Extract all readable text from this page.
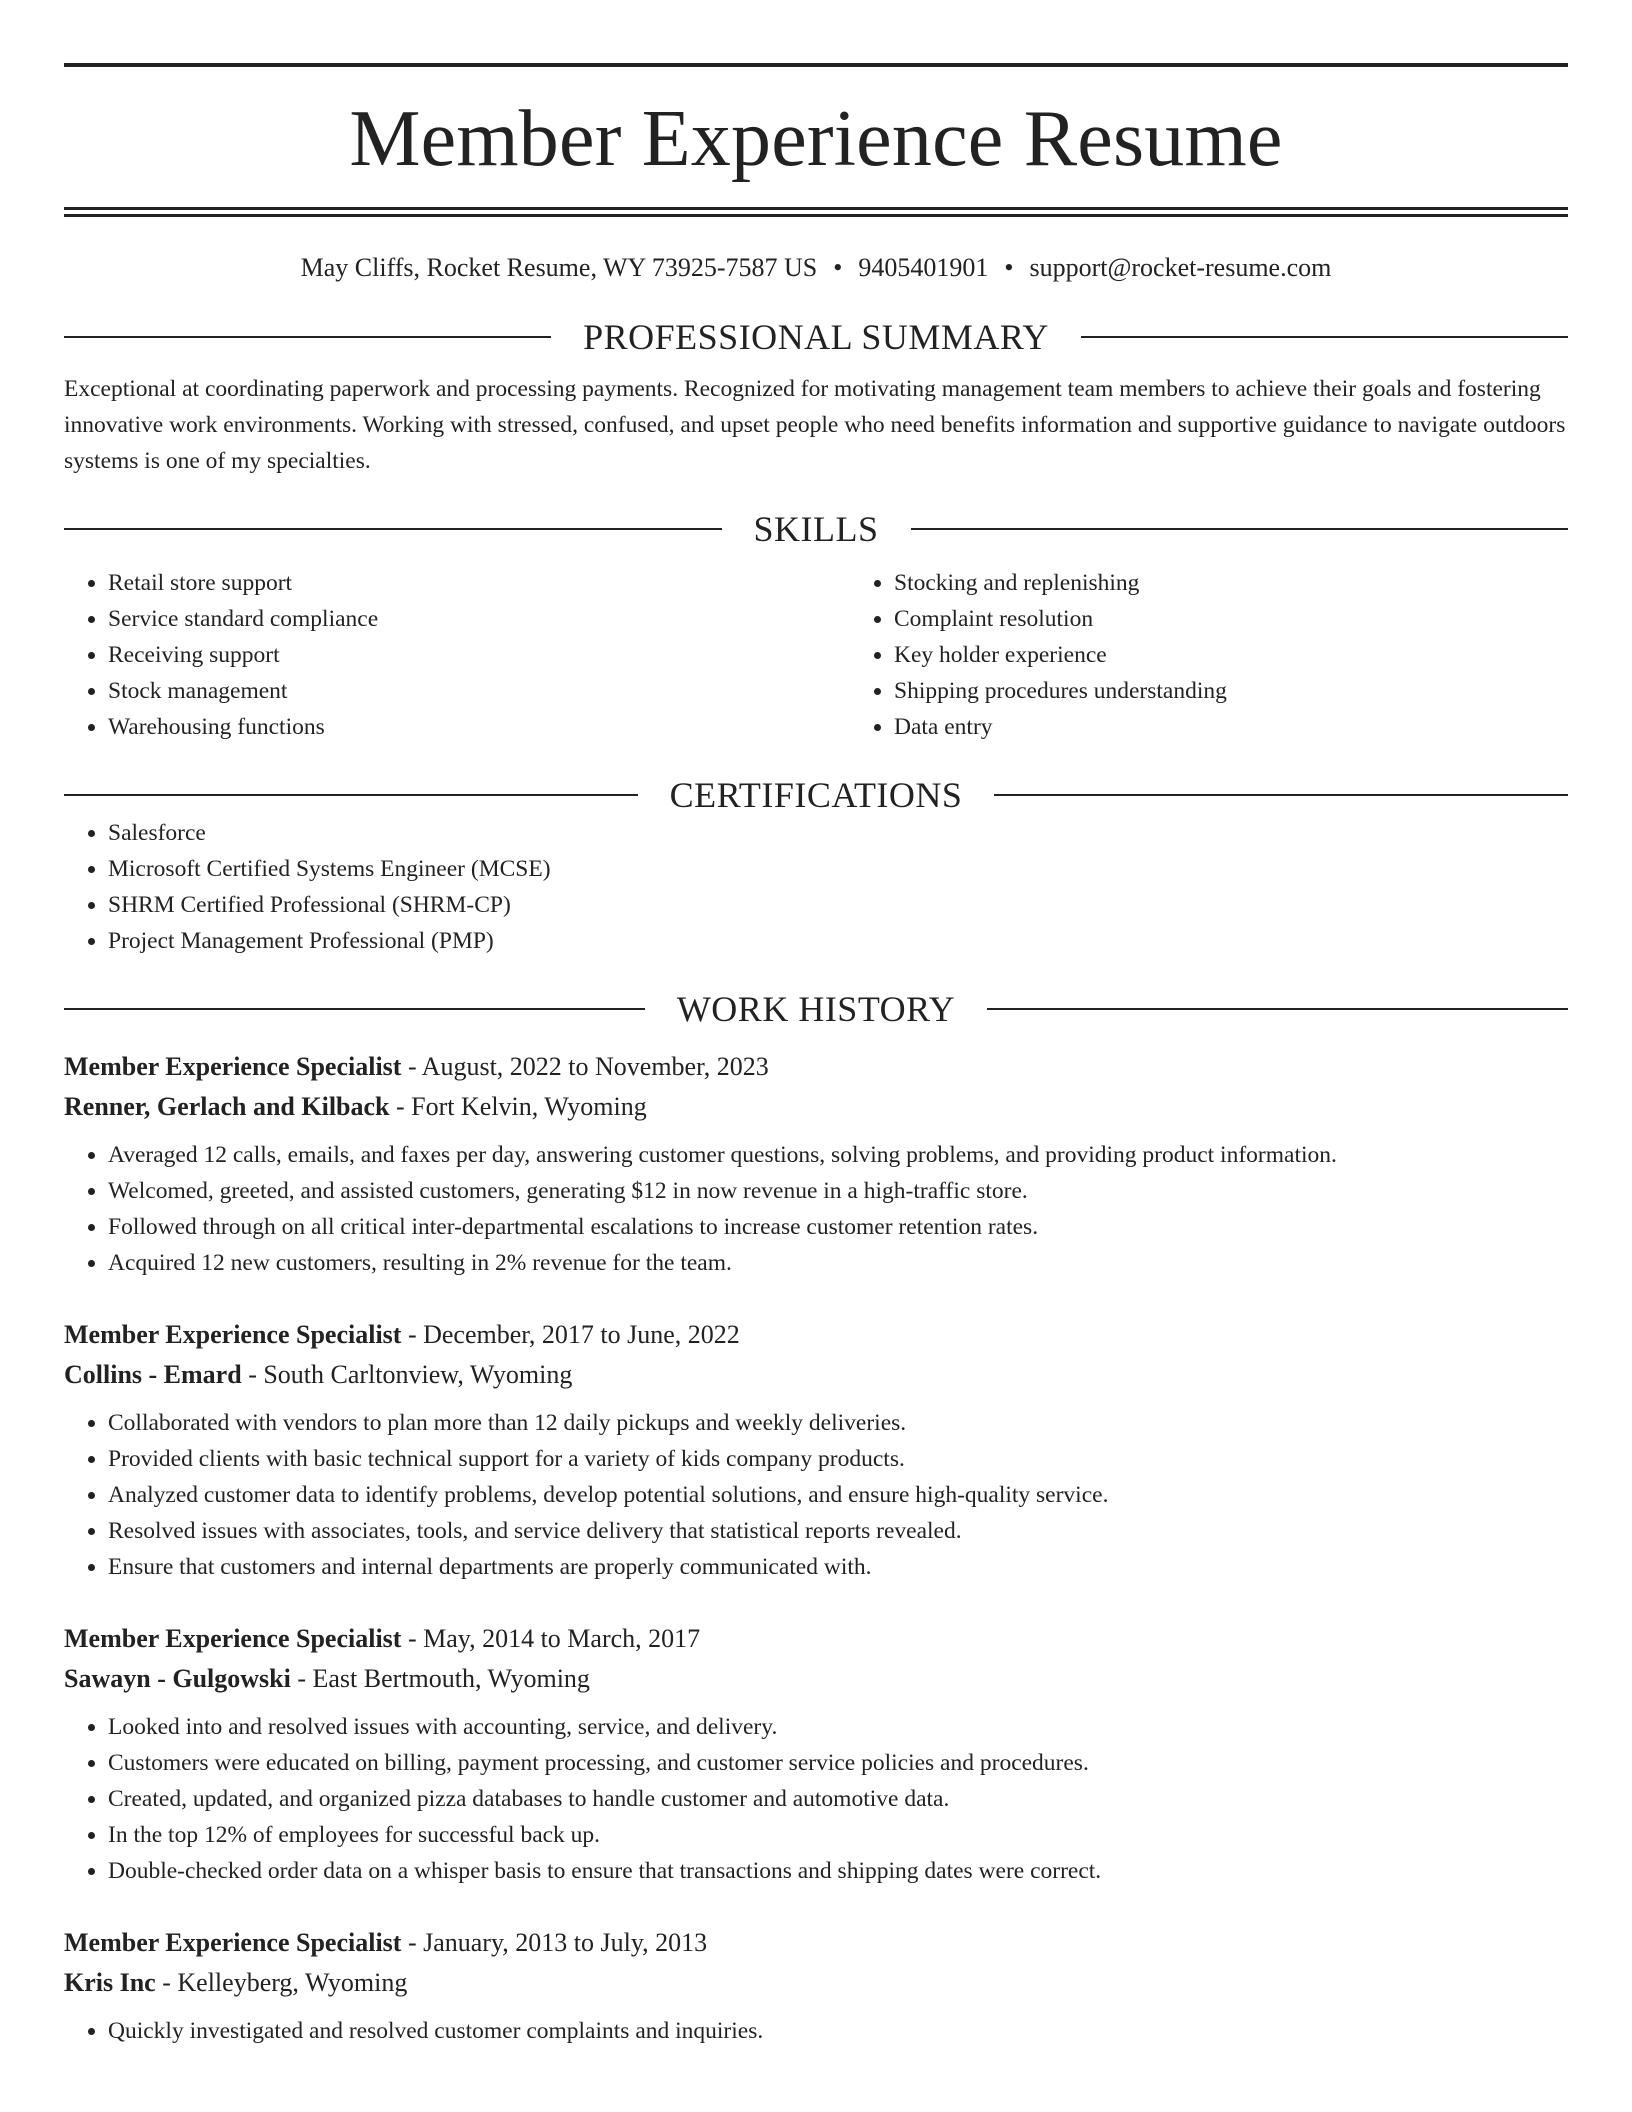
Member Experience Resume
May Cliffs, Rocket Resume, WY 73925-7587 US • 9405401901 • support@rocket-resume.com
PROFESSIONAL SUMMARY
Exceptional at coordinating paperwork and processing payments. Recognized for motivating management team members to achieve their goals and fostering innovative work environments. Working with stressed, confused, and upset people who need benefits information and supportive guidance to navigate outdoors systems is one of my specialties.
SKILLS
• Retail store support
• Service standard compliance
• Receiving support
• Stock management
• Warehousing functions
• Stocking and replenishing
• Complaint resolution
• Key holder experience
• Shipping procedures understanding
• Data entry
CERTIFICATIONS
• Salesforce
• Microsoft Certified Systems Engineer (MCSE)
• SHRM Certified Professional (SHRM-CP)
• Project Management Professional (PMP)
WORK HISTORY
Member Experience Specialist - August, 2022 to November, 2023
Renner, Gerlach and Kilback - Fort Kelvin, Wyoming
• Averaged 12 calls, emails, and faxes per day, answering customer questions, solving problems, and providing product information.
• Welcomed, greeted, and assisted customers, generating $12 in now revenue in a high-traffic store.
• Followed through on all critical inter-departmental escalations to increase customer retention rates.
• Acquired 12 new customers, resulting in 2% revenue for the team.
Member Experience Specialist - December, 2017 to June, 2022
Collins - Emard - South Carltonview, Wyoming
• Collaborated with vendors to plan more than 12 daily pickups and weekly deliveries.
• Provided clients with basic technical support for a variety of kids company products.
• Analyzed customer data to identify problems, develop potential solutions, and ensure high-quality service.
• Resolved issues with associates, tools, and service delivery that statistical reports revealed.
• Ensure that customers and internal departments are properly communicated with.
Member Experience Specialist - May, 2014 to March, 2017
Sawayn - Gulgowski - East Bertmouth, Wyoming
• Looked into and resolved issues with accounting, service, and delivery.
• Customers were educated on billing, payment processing, and customer service policies and procedures.
• Created, updated, and organized pizza databases to handle customer and automotive data.
• In the top 12% of employees for successful back up.
• Double-checked order data on a whisper basis to ensure that transactions and shipping dates were correct.
Member Experience Specialist - January, 2013 to July, 2013
Kris Inc - Kelleyberg, Wyoming
• Quickly investigated and resolved customer complaints and inquiries.
